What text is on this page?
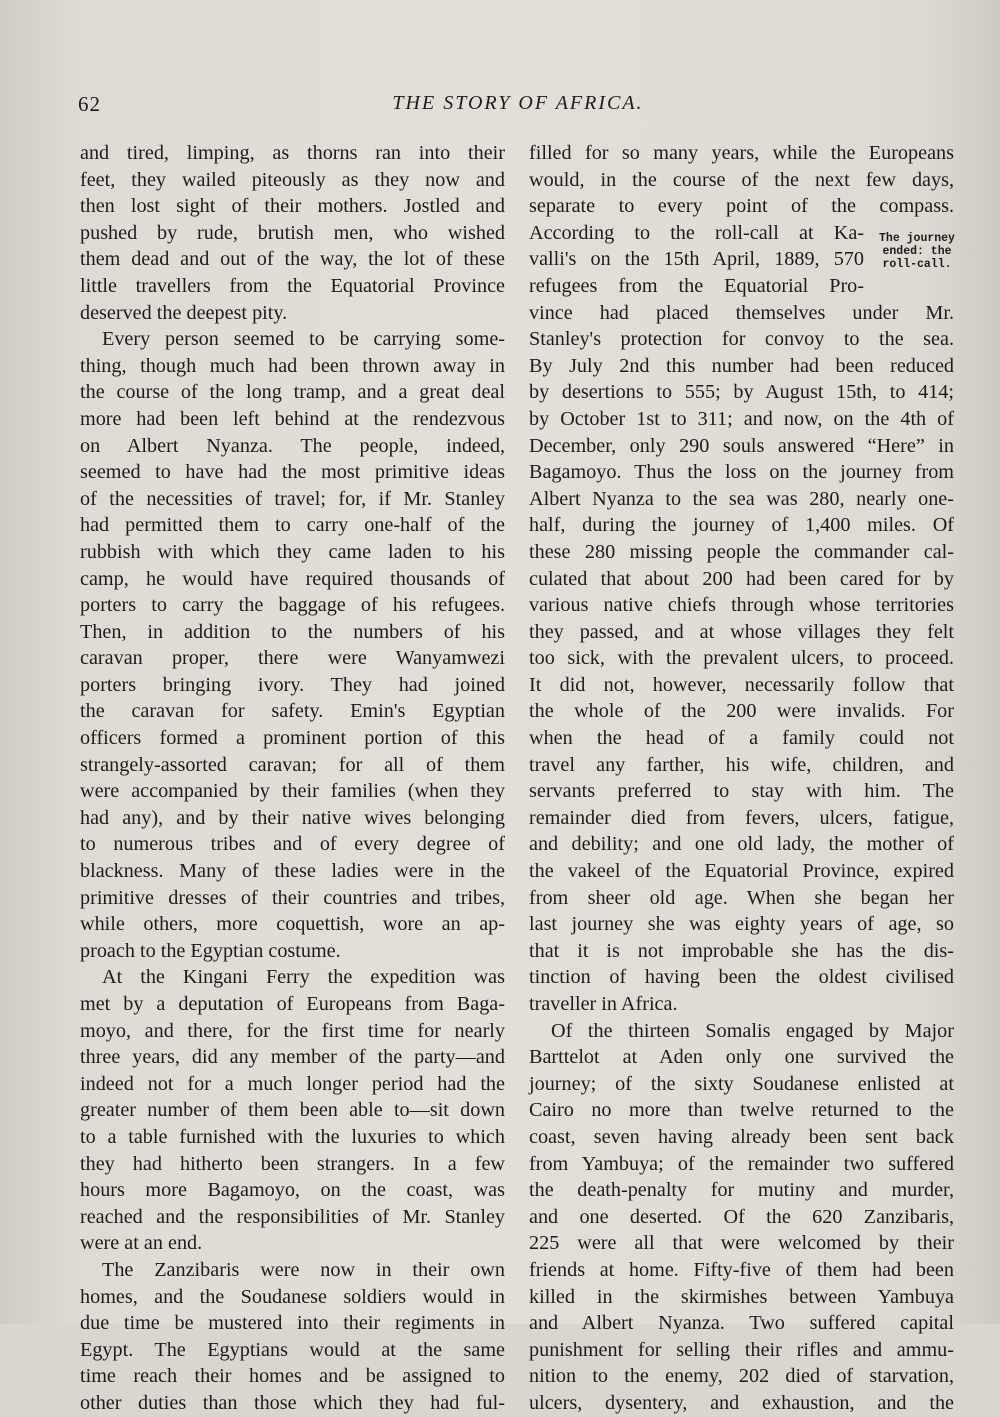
62	THE STORY OF AFRICA.
and tired, limping, as thorns ran into their
feet, they wailed piteously as they now and
then lost sight of their mothers. Jostled and
pushed by rude, brutish men, who wished
them dead and out of the way, the lot of these
little travellers from the Equatorial Province
deserved the deepest pity.
Every person seemed to be carrying some-
thing, though much had been thrown away in
the course of the long tramp, and a great deal
more had been left behind at the rendezvous
on Albert Nyanza. The people, indeed,
seemed to have had the most primitive ideas
of the necessities of travel; for, if Mr. Stanley
had permitted them to carry one-half of the
rubbish with which they came laden to his
camp, he would have required thousands of
porters to carry the baggage of his refugees.
Then, in addition to the numbers of his
caravan proper, there were Wanyamwezi
porters bringing ivory. They had joined
the caravan for safety. Emin's Egyptian
officers formed a prominent portion of this
strangely-assorted caravan; for all of them
were accompanied by their families (when they
had any), and by their native wives belonging
to numerous tribes and of every degree of
blackness. Many of these ladies were in the
primitive dresses of their countries and tribes,
while others, more coquettish, wore an ap-
proach to the Egyptian costume.
At the Kingani Ferry the expedition was
met by a deputation of Europeans from Baga-
moyo, and there, for the first time for nearly
three years, did any member of the party—and
indeed not for a much longer period had the
greater number of them been able to—sit down
to a table furnished with the luxuries to which
they had hitherto been strangers. In a few
hours more Bagamoyo, on the coast, was
reached and the responsibilities of Mr. Stanley
were at an end.
The Zanzibaris were now in their own
homes, and the Soudanese soldiers would in
due time be mustered into their regiments in
Egypt. The Egyptians would at the same
time reach their homes and be assigned to
other duties than those which they had ful-
filled for so many years, while the Europeans
would, in the course of the next few days,
separate to every point of the compass.
According to the roll-call at Ka-
valli's on the 15th April, 1889, 570
refugees from the Equatorial Pro-
vince had placed themselves under Mr.
Stanley's protection for convoy to the sea.
By July 2nd this number had been reduced
by desertions to 555; by August 15th, to 414;
by October 1st to 311; and now, on the 4th of
December, only 290 souls answered “Here” in
Bagamoyo. Thus the loss on the journey from
Albert Nyanza to the sea was 280, nearly one-
half, during the journey of 1,400 miles. Of
these 280 missing people the commander cal-
culated that about 200 had been cared for by
various native chiefs through whose territories
they passed, and at whose villages they felt
too sick, with the prevalent ulcers, to proceed.
It did not, however, necessarily follow that
the whole of the 200 were invalids. For
when the head of a family could not
travel any farther, his wife, children, and
servants preferred to stay with him. The
remainder died from fevers, ulcers, fatigue,
and debility; and one old lady, the mother of
the vakeel of the Equatorial Province, expired
from sheer old age. When she began her
last journey she was eighty years of age, so
that it is not improbable she has the dis-
tinction of having been the oldest civilised
traveller in Africa.
Of the thirteen Somalis engaged by Major
Barttelot at Aden only one survived the
journey; of the sixty Soudanese enlisted at
Cairo no more than twelve returned to the
coast, seven having already been sent back
from Yambuya; of the remainder two suffered
the death-penalty for mutiny and murder,
and one deserted. Of the 620 Zanzibaris,
225 were all that were welcomed by their
friends at home. Fifty-five of them had been
killed in the skirmishes between Yambuya
and Albert Nyanza. Two suffered capital
punishment for selling their rifles and ammu-
nition to the enemy, 202 died of starvation,
ulcers, dysentery, and exhaustion, and the
The journey
ended: the
roll-call.
